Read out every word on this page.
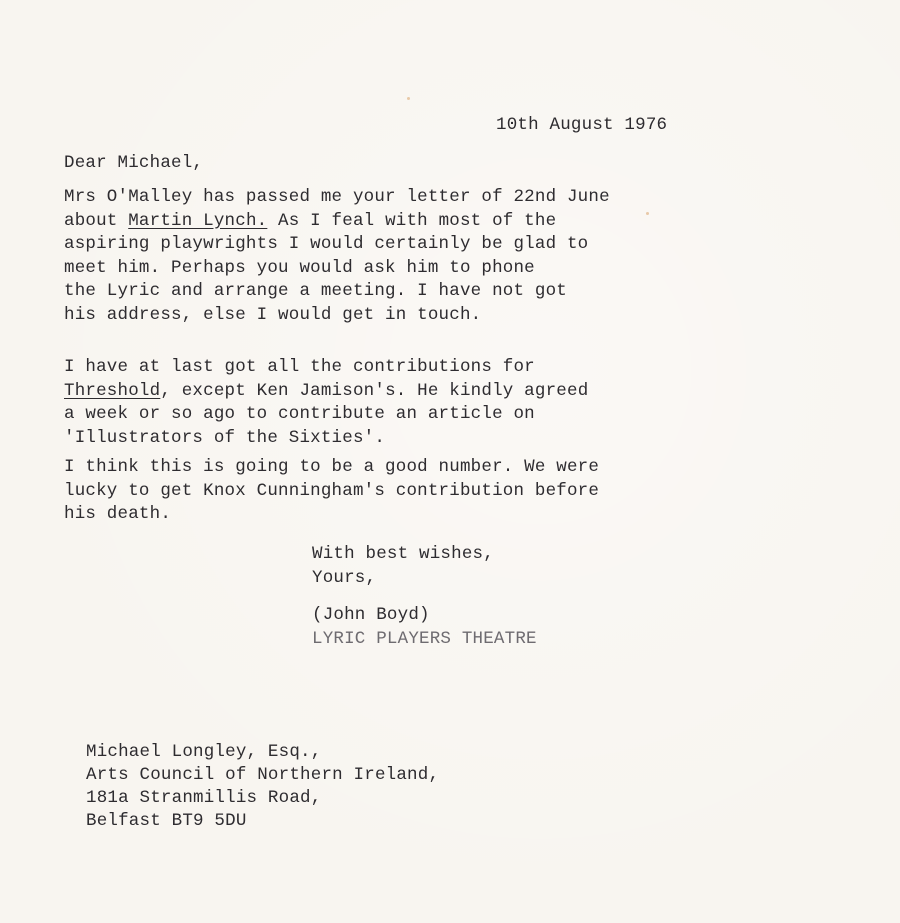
10th August 1976
Dear Michael,
Mrs O'Malley has passed me your letter of 22nd June
about Martin Lynch. As I feal with most of the
aspiring playwrights I would certainly be glad to
meet him. Perhaps you would ask him to phone
the Lyric and arrange a meeting. I have not got
his address, else I would get in touch.
I have at last got all the contributions for
Threshold, except Ken Jamison's. He kindly agreed
a week or so ago to contribute an article on
'Illustrators of the Sixties'.
I think this is going to be a good number. We were
lucky to get Knox Cunningham's contribution before
his death.
With best wishes,
Yours,
(John Boyd)
LYRIC PLAYERS THEATRE
Michael Longley, Esq.,
Arts Council of Northern Ireland,
181a Stranmillis Road,
Belfast BT9 5DU
